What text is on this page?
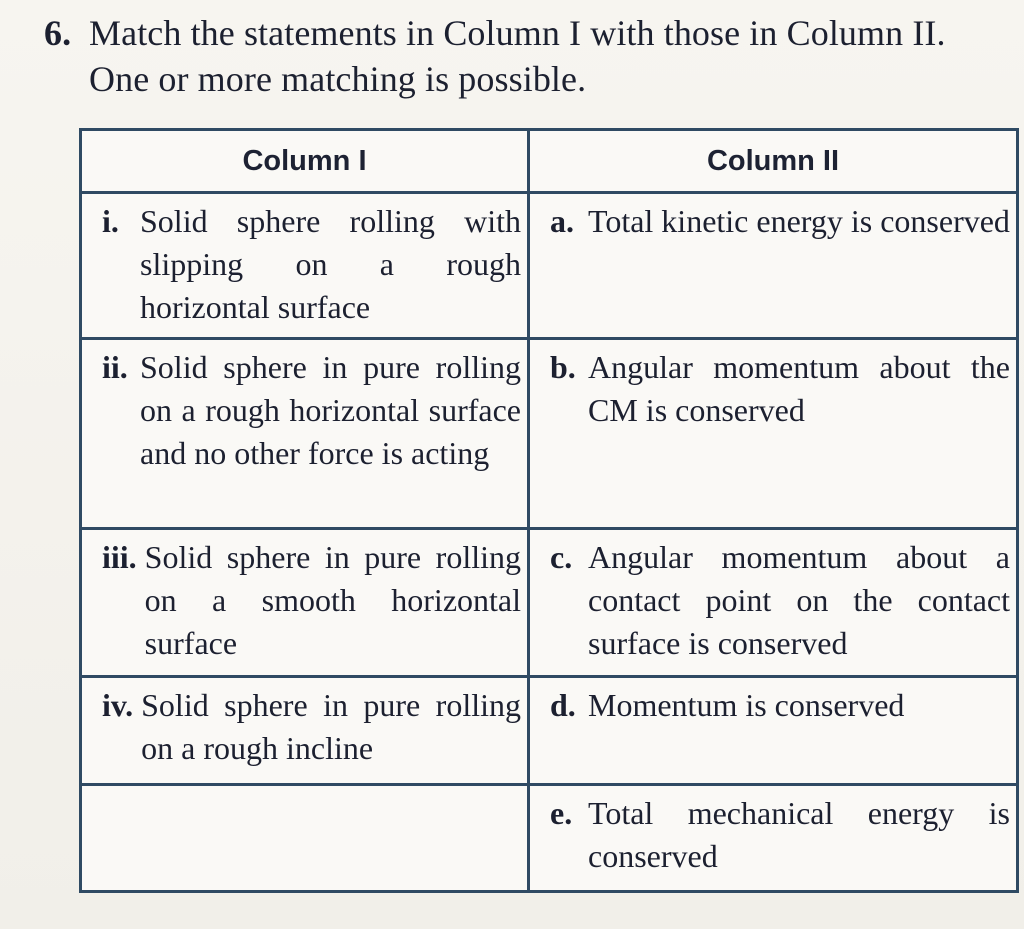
6. Match the statements in Column I with those in Column II.
One or more matching is possible.
Column I	Column II

i. Solid sphere rolling with slipping on a rough horizontal surface	a. Total kinetic energy is conserved

ii. Solid sphere in pure rolling on a rough horizontal surface and no other force is acting	b. Angular momentum about the CM is conserved

iii. Solid sphere in pure rolling on a smooth horizontal surface	c. Angular momentum about a contact point on the contact surface is conserved

iv. Solid sphere in pure rolling on a rough incline	d. Momentum is conserved

	e. Total mechanical energy is conserved
